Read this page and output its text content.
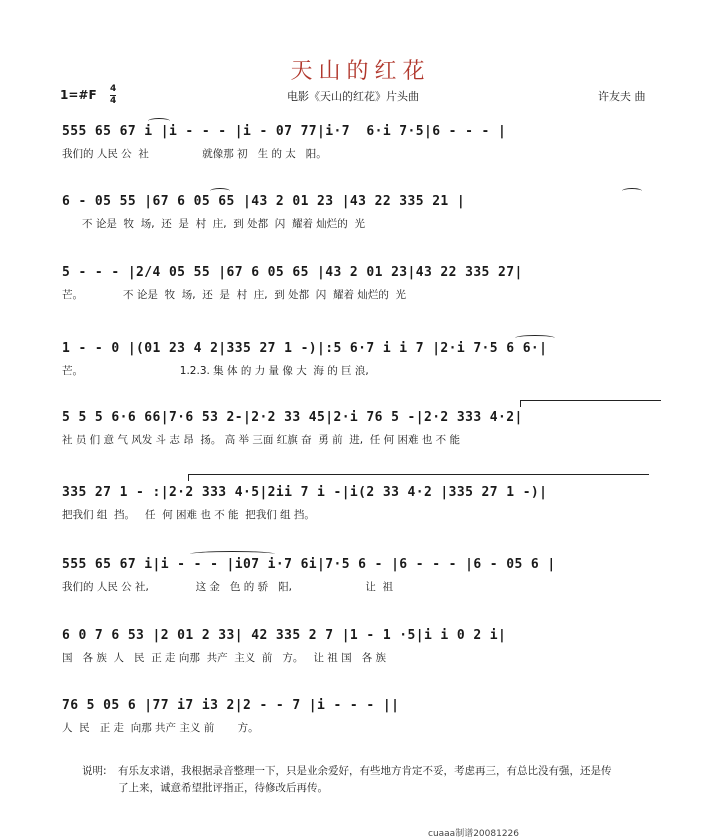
天山的红花
1=#F 4
4	电影《天山的红花》片头曲	许友夫 曲
555 65 67 i |i - - - |i - 07 77|i·7  6·i 7·5|6 - - - |
我们的 人民 公  社                就像那 初   生 的 太   阳。
6 - 05 55 |67 6 05 65 |43 2 01 23 |43 22 335 21 |
不 论是  牧  场,  还  是  村  庄,  到 处都  闪  耀着 灿烂的  光
5 - - - |2/4 05 55 |67 6 05 65 |43 2 01 23|43 22 335 27|
芒。            不 论是  牧  场,  还  是  村  庄,  到 处都  闪  耀着 灿烂的  光
1 - - 0 |(01 23 4 2|335 27 1 -)|:5 6·7 i i 7 |2·i 7·5 6 6·|
芒。                             1.2.3. 集 体 的 力 量 像 大  海 的 巨 浪,
5 5 5 6·6 66|7·6 53 2-|2·2 33 45|2·i 76 5 -|2·2 333 4·2|
社 员 们 意 气 风发 斗 志 昂  扬。 高 举 三面 红旗 奋  勇 前  进,  任 何 困难 也 不 能
335 27 1 - :|2·2 333 4·5|2ii 7 i -|i(2 33 4·2 |335 27 1 -)|
把我们 组  挡。   任  何 困难 也 不 能  把我们 组 挡。
555 65 67 i|i - - - |i07 i·7 6i|7·5 6 - |6 - - - |6 - 05 6 |
我们的 人民 公 社,              这 金   色 的 骄   阳,                      让  祖
6 0 7 6 53 |2 01 2 33| 42 335 2 7 |1 - 1 ·5|i i 0 2 i|
国   各 族  人   民  正 走 向那  共产  主义  前   方。   让 祖 国   各 族
76 5 05 6 |77 i7 i3 2|2 - - 7 |i - - - ||
人  民   正 走  向那 共产 主义 前       方。
说明: 有乐友求谱，我根据录音整理一下，只是业余爱好，有些地方肯定不妥，考虑再三，有总比没有强，还是传了上来，诚意希望批评指正，待修改后再传。
cuaaa制谱20081226
